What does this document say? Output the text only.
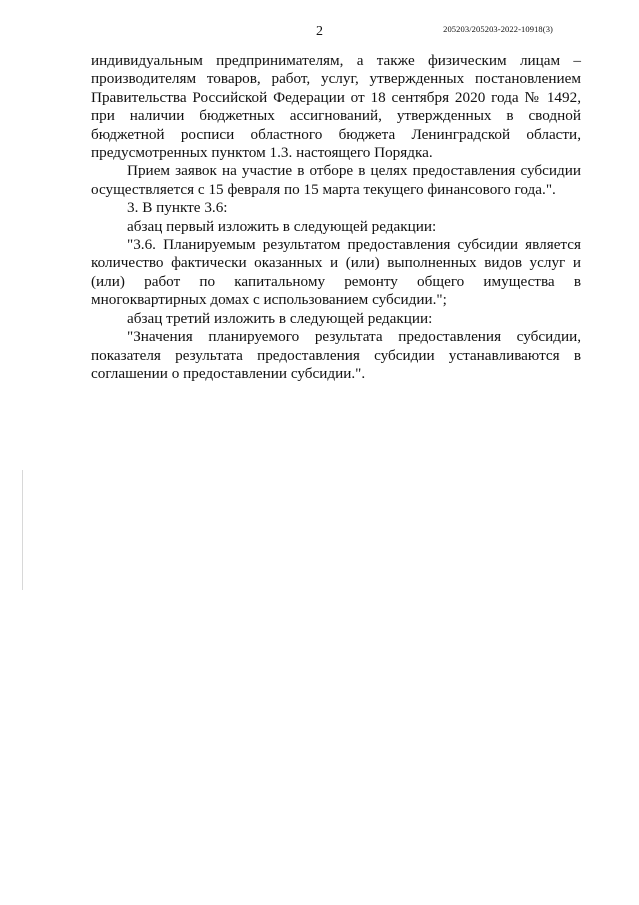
2	205203/205203-2022-10918(3)

индивидуальным предпринимателям, а также физическим лицам – производителям товаров, работ, услуг, утвержденных постановлением Правительства Российской Федерации от 18 сентября 2020 года № 1492, при наличии бюджетных ассигнований, утвержденных в сводной бюджетной росписи областного бюджета Ленинградской области, предусмотренных пунктом 1.3. настоящего Порядка.

Прием заявок на участие в отборе в целях предоставления субсидии осуществляется с 15 февраля по 15 марта текущего финансового года.".

3. В пункте 3.6:

абзац первый изложить в следующей редакции:

"3.6. Планируемым результатом предоставления субсидии является количество фактически оказанных и (или) выполненных видов услуг и (или) работ по капитальному ремонту общего имущества в многоквартирных домах с использованием субсидии.";

абзац третий изложить в следующей редакции:

"Значения планируемого результата предоставления субсидии, показателя результата предоставления субсидии устанавливаются в соглашении о предоставлении субсидии.".
